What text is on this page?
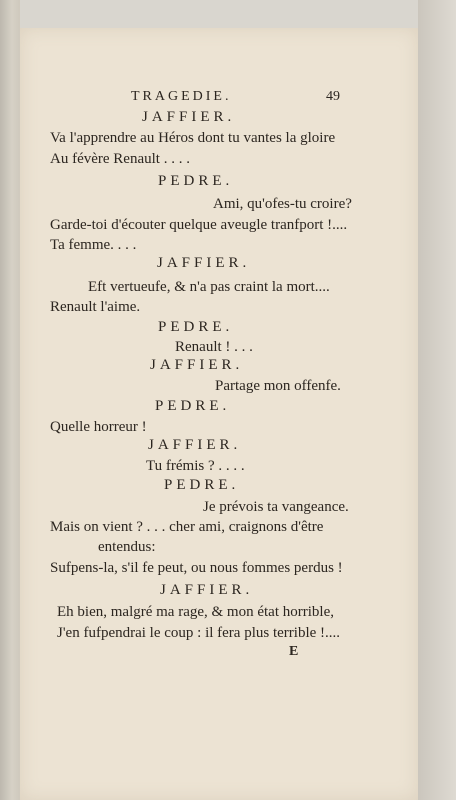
TRAGEDIE.	49
JAFFIER.
Va l'apprendre au Héros dont tu vantes la gloire
Au févère Renault . . . .
PEDRE.
Ami, qu'ofes-tu croire?
Garde-toi d'écouter quelque aveugle tranfport !....
Ta femme. . . .
JAFFIER.
Eft vertueufe, & n'a pas craint la mort....
Renault l'aime.
PEDRE.
Renault ! . . .
JAFFIER.
Partage mon offenfe.
PEDRE.
Quelle horreur !
JAFFIER.
Tu frémis ? . . . .
PEDRE.
Je prévois ta vangeance.
Mais on vient ? . . . cher ami, craignons d'être
entendus:
Sufpens-la, s'il fe peut, ou nous fommes perdus !
JAFFIER.
Eh bien, malgré ma rage, & mon état horrible,
J'en fufpendrai le coup : il fera plus terrible !....
E
